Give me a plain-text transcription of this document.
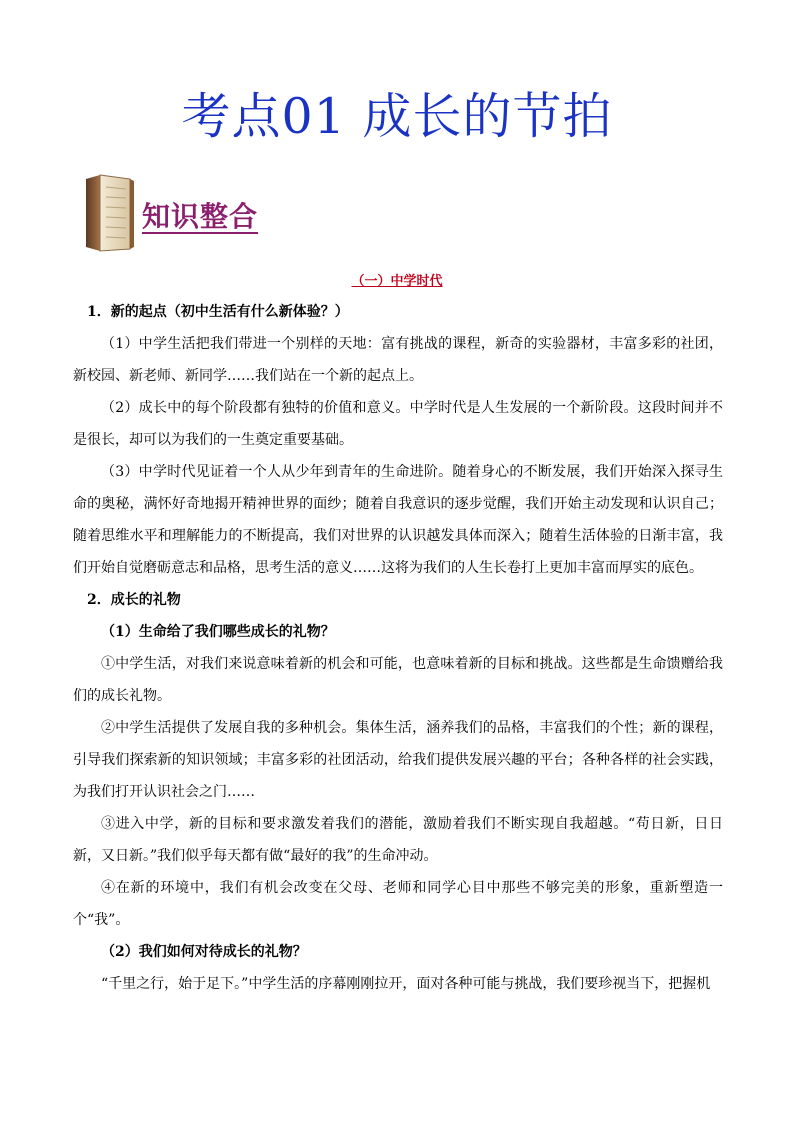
考点01 成长的节拍
知识整合
（一）中学时代

1．新的起点（初中生活有什么新体验？）

（1）中学生活把我们带进一个别样的天地：富有挑战的课程，新奇的实验器材，丰富多彩的社团，新校园、新老师、新同学……我们站在一个新的起点上。

（2）成长中的每个阶段都有独特的价值和意义。中学时代是人生发展的一个新阶段。这段时间并不是很长，却可以为我们的一生奠定重要基础。

（3）中学时代见证着一个人从少年到青年的生命进阶。随着身心的不断发展，我们开始深入探寻生命的奥秘，满怀好奇地揭开精神世界的面纱；随着自我意识的逐步觉醒，我们开始主动发现和认识自己；随着思维水平和理解能力的不断提高，我们对世界的认识越发具体而深入；随着生活体验的日渐丰富，我们开始自觉磨砺意志和品格，思考生活的意义……这将为我们的人生长卷打上更加丰富而厚实的底色。

2．成长的礼物

（1）生命给了我们哪些成长的礼物？

①中学生活，对我们来说意味着新的机会和可能，也意味着新的目标和挑战。这些都是生命馈赠给我们的成长礼物。

②中学生活提供了发展自我的多种机会。集体生活，涵养我们的品格，丰富我们的个性；新的课程，引导我们探索新的知识领域；丰富多彩的社团活动，给我们提供发展兴趣的平台；各种各样的社会实践，为我们打开认识社会之门……

③进入中学，新的目标和要求激发着我们的潜能，激励着我们不断实现自我超越。“苟日新，日日新，又日新。”我们似乎每天都有做“最好的我”的生命冲动。

④在新的环境中，我们有机会改变在父母、老师和同学心目中那些不够完美的形象，重新塑造一个“我”。

（2）我们如何对待成长的礼物？

“千里之行，始于足下。”中学生活的序幕刚刚拉开，面对各种可能与挑战，我们要珍视当下，把握机
